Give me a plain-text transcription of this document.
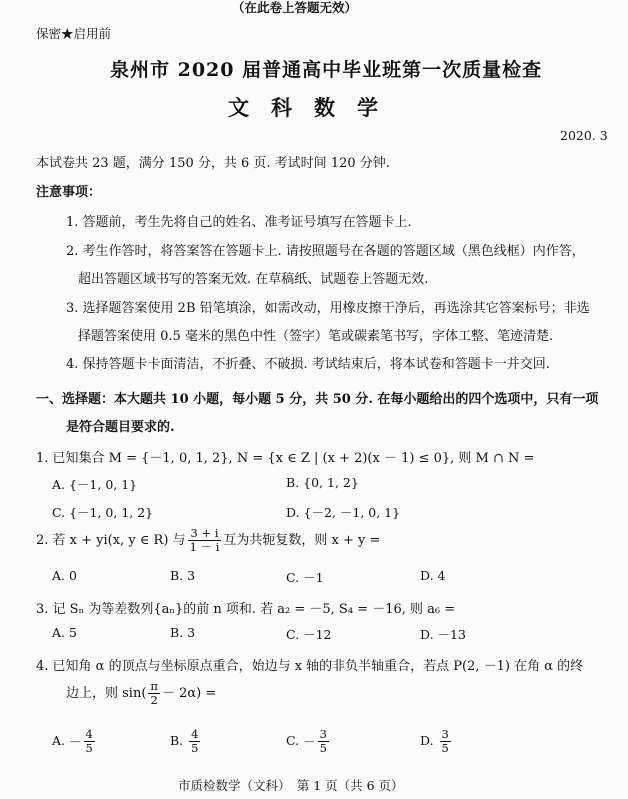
（在此卷上答题无效）
保密★启用前
泉州市 2020 届普通高中毕业班第一次质量检查
文科数学
2020. 3
本试卷共 23 题，满分 150 分，共 6 页. 考试时间 120 分钟.
注意事项：
1. 答题前，考生先将自己的姓名、准考证号填写在答题卡上.
2. 考生作答时，将答案答在答题卡上. 请按照题号在各题的答题区域（黑色线框）内作答，
超出答题区域书写的答案无效. 在草稿纸、试题卷上答题无效.
3. 选择题答案使用 2B 铅笔填涂，如需改动，用橡皮擦干净后，再选涂其它答案标号；非选
择题答案使用 0.5 毫米的黑色中性（签字）笔或碳素笔书写，字体工整、笔迹清楚.
4. 保持答题卡卡面清洁，不折叠、不破损. 考试结束后，将本试卷和答题卡一并交回.
一、选择题：本大题共 10 小题，每小题 5 分，共 50 分. 在每小题给出的四个选项中，只有一项
是符合题目要求的.
1. 已知集合 M = {－1, 0, 1, 2}, N = {x ∈ Z | (x + 2)(x － 1) ≤ 0}, 则 M ∩ N =
A. {－1, 0, 1}	B. {0, 1, 2}
C. {－1, 0, 1, 2}	D. {－2, －1, 0, 1}
2. 若 x + yi(x, y ∈ R) 与 $\frac{3 + i}{1 - i}$ 互为共轭复数，则 x + y =
A. 0	B. 3	C. －1	D. 4
3. 记 Sₙ 为等差数列{aₙ}的前 n 项和. 若 a₂ = －5, S₄ = －16, 则 a₆ =
A. 5	B. 3	C. －12	D. －13
4. 已知角 α 的顶点与坐标原点重合，始边与 x 轴的非负半轴重合，若点 P(2, －1) 在角 α 的终
边上，则 $\sin( \frac{\pi}{2} - 2\alpha)$ =
A. － $\frac{4}{5}$	B. $\frac{4}{5}$	C. － $\frac{3}{5}$	D. $\frac{3}{5}$
市质检数学（文科）　第 1 页（共 6 页）
